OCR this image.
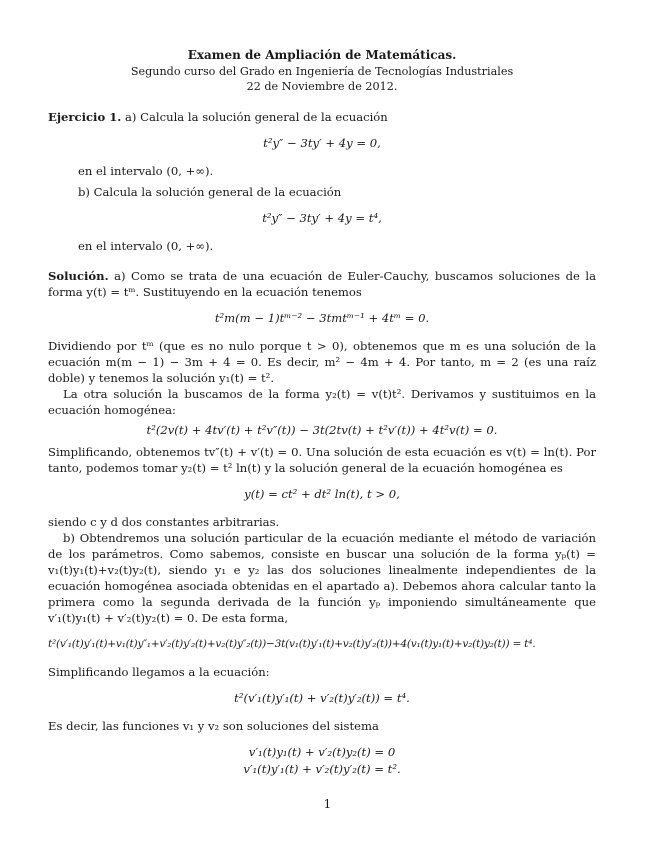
Examen de Ampliación de Matemáticas.
Segundo curso del Grado en Ingeniería de Tecnologías Industriales
22 de Noviembre de 2012.

Ejercicio 1. a) Calcula la solución general de la ecuación

t²y″ − 3ty′ + 4y = 0,

en el intervalo (0, +∞).

b) Calcula la solución general de la ecuación

t²y″ − 3ty′ + 4y = t⁴,

en el intervalo (0, +∞).

Solución. a) Como se trata de una ecuación de Euler-Cauchy, buscamos soluciones de la forma y(t) = tᵐ. Sustituyendo en la ecuación tenemos

t²m(m − 1)tᵐ⁻² − 3tmtᵐ⁻¹ + 4tᵐ = 0.

Dividiendo por tᵐ (que es no nulo porque t > 0), obtenemos que m es una solución de la ecuación m(m − 1) − 3m + 4 = 0. Es decir, m² − 4m + 4. Por tanto, m = 2 (es una raíz doble) y tenemos la solución y₁(t) = t².

La otra solución la buscamos de la forma y₂(t) = v(t)t². Derivamos y sustituimos en la ecuación homogénea:

t²(2v(t) + 4tv′(t) + t²v″(t)) − 3t(2tv(t) + t²v′(t)) + 4t²v(t) = 0.

Simplificando, obtenemos tv″(t) + v′(t) = 0. Una solución de esta ecuación es v(t) = ln(t). Por tanto, podemos tomar y₂(t) = t² ln(t) y la solución general de la ecuación homogénea es

y(t) = ct² + dt² ln(t), t > 0,

siendo c y d dos constantes arbitrarias.

b) Obtendremos una solución particular de la ecuación mediante el método de variación de los parámetros. Como sabemos, consiste en buscar una solución de la forma yₚ(t) = v₁(t)y₁(t)+v₂(t)y₂(t), siendo y₁ e y₂ las dos soluciones linealmente independientes de la ecuación homogénea asociada obtenidas en el apartado a). Debemos ahora calcular tanto la primera como la segunda derivada de la función yₚ imponiendo simultáneamente que v′₁(t)y₁(t) + v′₂(t)y₂(t) = 0. De esta forma,

t²(v′₁(t)y′₁(t)+v₁(t)y″₁+v′₂(t)y′₂(t)+v₂(t)y″₂(t))−3t(v₁(t)y′₁(t)+v₂(t)y′₂(t))+4(v₁(t)y₁(t)+v₂(t)y₂(t)) = t⁴.

Simplificando llegamos a la ecuación:

t²(v′₁(t)y′₁(t) + v′₂(t)y′₂(t)) = t⁴.

Es decir, las funciones v₁ y v₂ son soluciones del sistema

v′₁(t)y₁(t) + v′₂(t)y₂(t) = 0
v′₁(t)y′₁(t) + v′₂(t)y′₂(t) = t².
1
